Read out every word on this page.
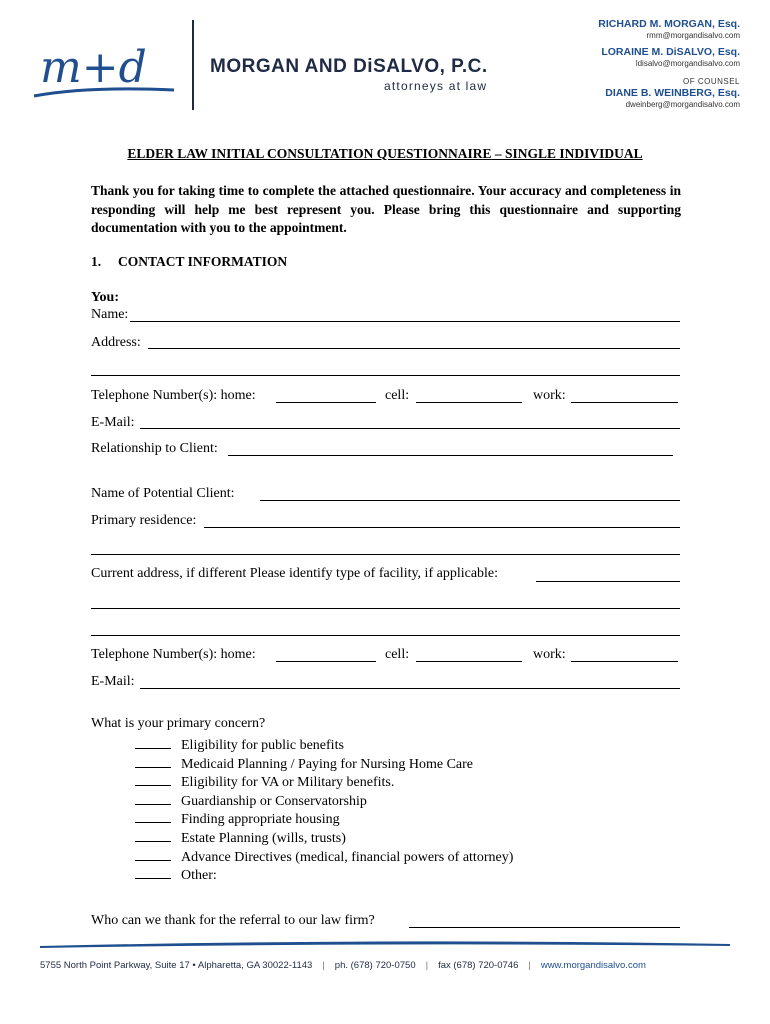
m+d	MORGAN AND DiSALVO, P.C.
attorneys at law
RICHARD M. MORGAN, Esq.
rmm@morgandisalvo.com
LORAINE M. DiSALVO, Esq.
ldisalvo@morgandisalvo.com
OF COUNSEL
DIANE B. WEINBERG, Esq.
dweinberg@morgandisalvo.com
ELDER LAW INITIAL CONSULTATION QUESTIONNAIRE – SINGLE INDIVIDUAL
Thank you for taking time to complete the attached questionnaire. Your accuracy and completeness in responding will help me best represent you. Please bring this questionnaire and supporting documentation with you to the appointment.
1. CONTACT INFORMATION
You:
Name:
Address:
Telephone Number(s): home:	cell:	work:
E-Mail:
Relationship to Client:
Name of Potential Client:
Primary residence:
Current address, if different Please identify type of facility, if applicable:
Telephone Number(s): home:	cell:	work:
E-Mail:
What is your primary concern?
Eligibility for public benefits
Medicaid Planning / Paying for Nursing Home Care
Eligibility for VA or Military benefits.
Guardianship or Conservatorship
Finding appropriate housing
Estate Planning (wills, trusts)
Advance Directives (medical, financial powers of attorney)
Other:
Who can we thank for the referral to our law firm?
5755 North Point Parkway, Suite 17 • Alpharetta, GA 30022-1143 | ph. (678) 720-0750 | fax (678) 720-0746 | www.morgandisalvo.com
